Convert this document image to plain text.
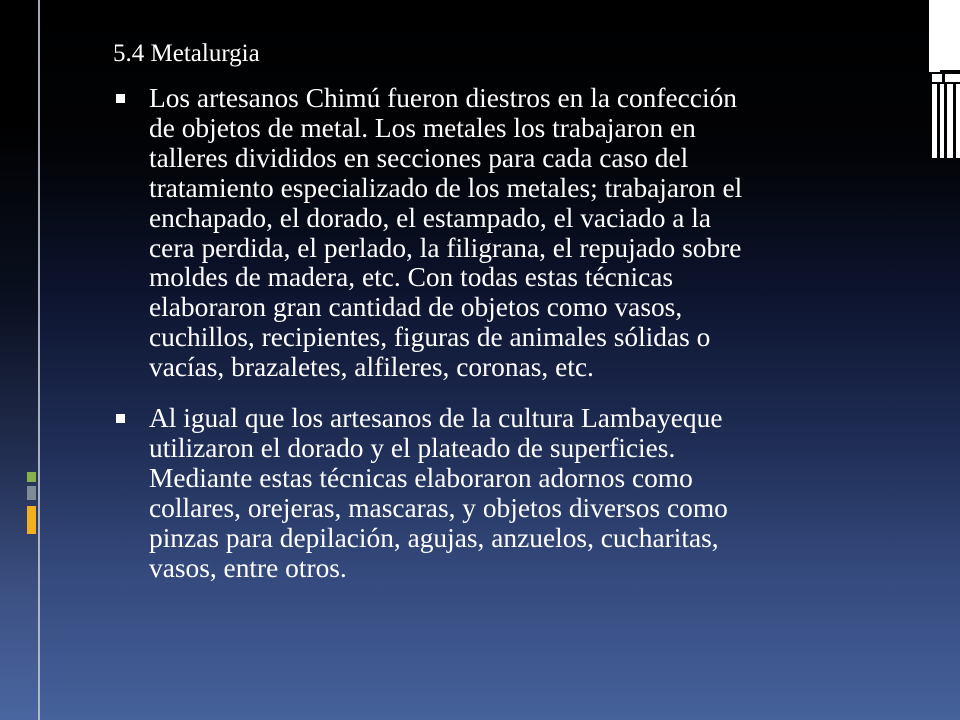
5.4 Metalurgia
Los artesanos Chimú fueron diestros en la confección
de objetos de metal. Los metales los trabajaron en
talleres divididos en secciones para cada caso del
tratamiento especializado de los metales; trabajaron el
enchapado, el dorado, el estampado, el vaciado a la
cera perdida, el perlado, la filigrana, el repujado sobre
moldes de madera, etc. Con todas estas técnicas
elaboraron gran cantidad de objetos como vasos,
cuchillos, recipientes, figuras de animales sólidas o
vacías, brazaletes, alfileres, coronas, etc.
Al igual que los artesanos de la cultura Lambayeque
utilizaron el dorado y el plateado de superficies.
Mediante estas técnicas elaboraron adornos como
collares, orejeras, mascaras, y objetos diversos como
pinzas para depilación, agujas, anzuelos, cucharitas,
vasos, entre otros.
